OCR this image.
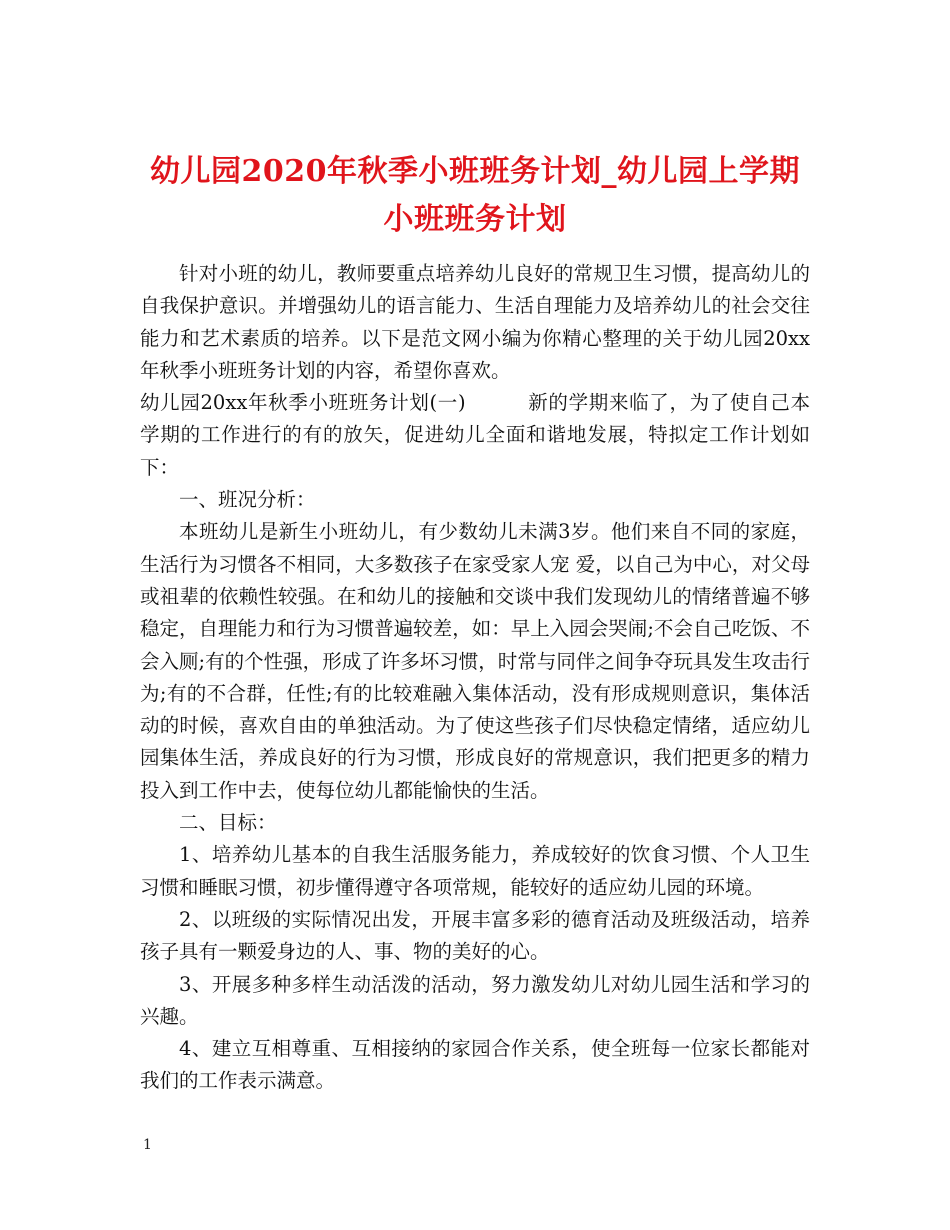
幼儿园2020年秋季小班班务计划_幼儿园上学期小班班务计划

针对小班的幼儿，教师要重点培养幼儿良好的常规卫生习惯，提高幼儿的自我保护意识。并增强幼儿的语言能力、生活自理能力及培养幼儿的社会交往能力和艺术素质的培养。以下是范文网小编为你精心整理的关于幼儿园20xx年秋季小班班务计划的内容，希望你喜欢。

幼儿园20xx年秋季小班班务计划(一)	新的学期来临了，为了使自己本学期的工作进行的有的放矢，促进幼儿全面和谐地发展，特拟定工作计划如下：

一、班况分析：

本班幼儿是新生小班幼儿，有少数幼儿未满3岁。他们来自不同的家庭，生活行为习惯各不相同，大多数孩子在家受家人宠 爱，以自己为中心，对父母或祖辈的依赖性较强。在和幼儿的接触和交谈中我们发现幼儿的情绪普遍不够稳定，自理能力和行为习惯普遍较差，如：早上入园会哭闹;不会自己吃饭、不会入厕;有的个性强，形成了许多坏习惯，时常与同伴之间争夺玩具发生攻击行为;有的不合群，任性;有的比较难融入集体活动，没有形成规则意识，集体活动的时候，喜欢自由的单独活动。为了使这些孩子们尽快稳定情绪，适应幼儿园集体生活，养成良好的行为习惯，形成良好的常规意识，我们把更多的精力投入到工作中去，使每位幼儿都能愉快的生活。

二、目标：

1、培养幼儿基本的自我生活服务能力，养成较好的饮食习惯、个人卫生习惯和睡眠习惯，初步懂得遵守各项常规，能较好的适应幼儿园的环境。

2、以班级的实际情况出发，开展丰富多彩的德育活动及班级活动，培养孩子具有一颗爱身边的人、事、物的美好的心。

3、开展多种多样生动活泼的活动，努力激发幼儿对幼儿园生活和学习的兴趣。

4、建立互相尊重、互相接纳的家园合作关系，使全班每一位家长都能对我们的工作表示满意。

1
